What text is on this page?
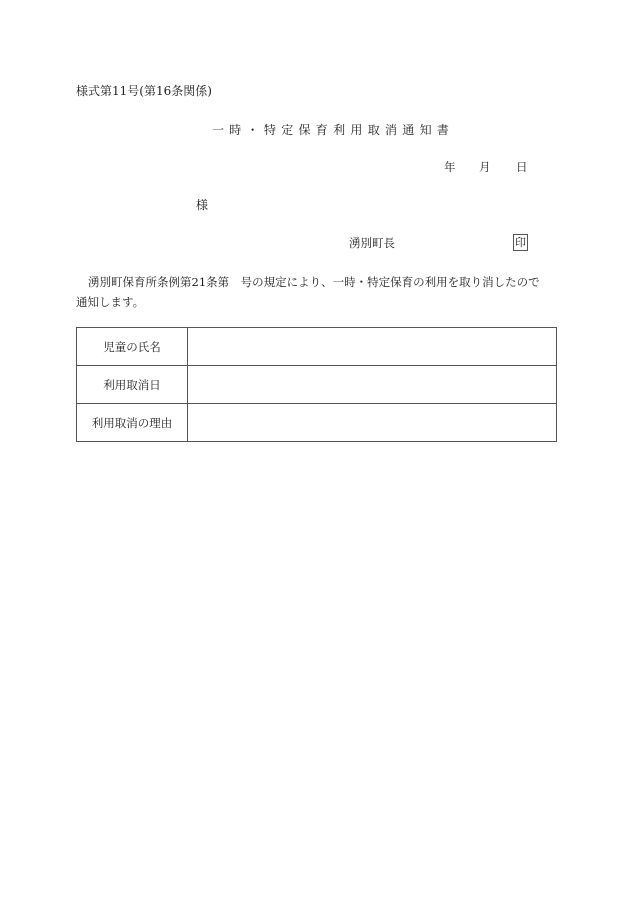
様式第11号(第16条関係)
一時・特定保育利用取消通知書
年 月 日
様
湧別町長	印
湧別町保育所条例第21条第　号の規定により、一時・特定保育の利用を取り消したので
通知します。
児童の氏名	
利用取消日	
利用取消の理由	
